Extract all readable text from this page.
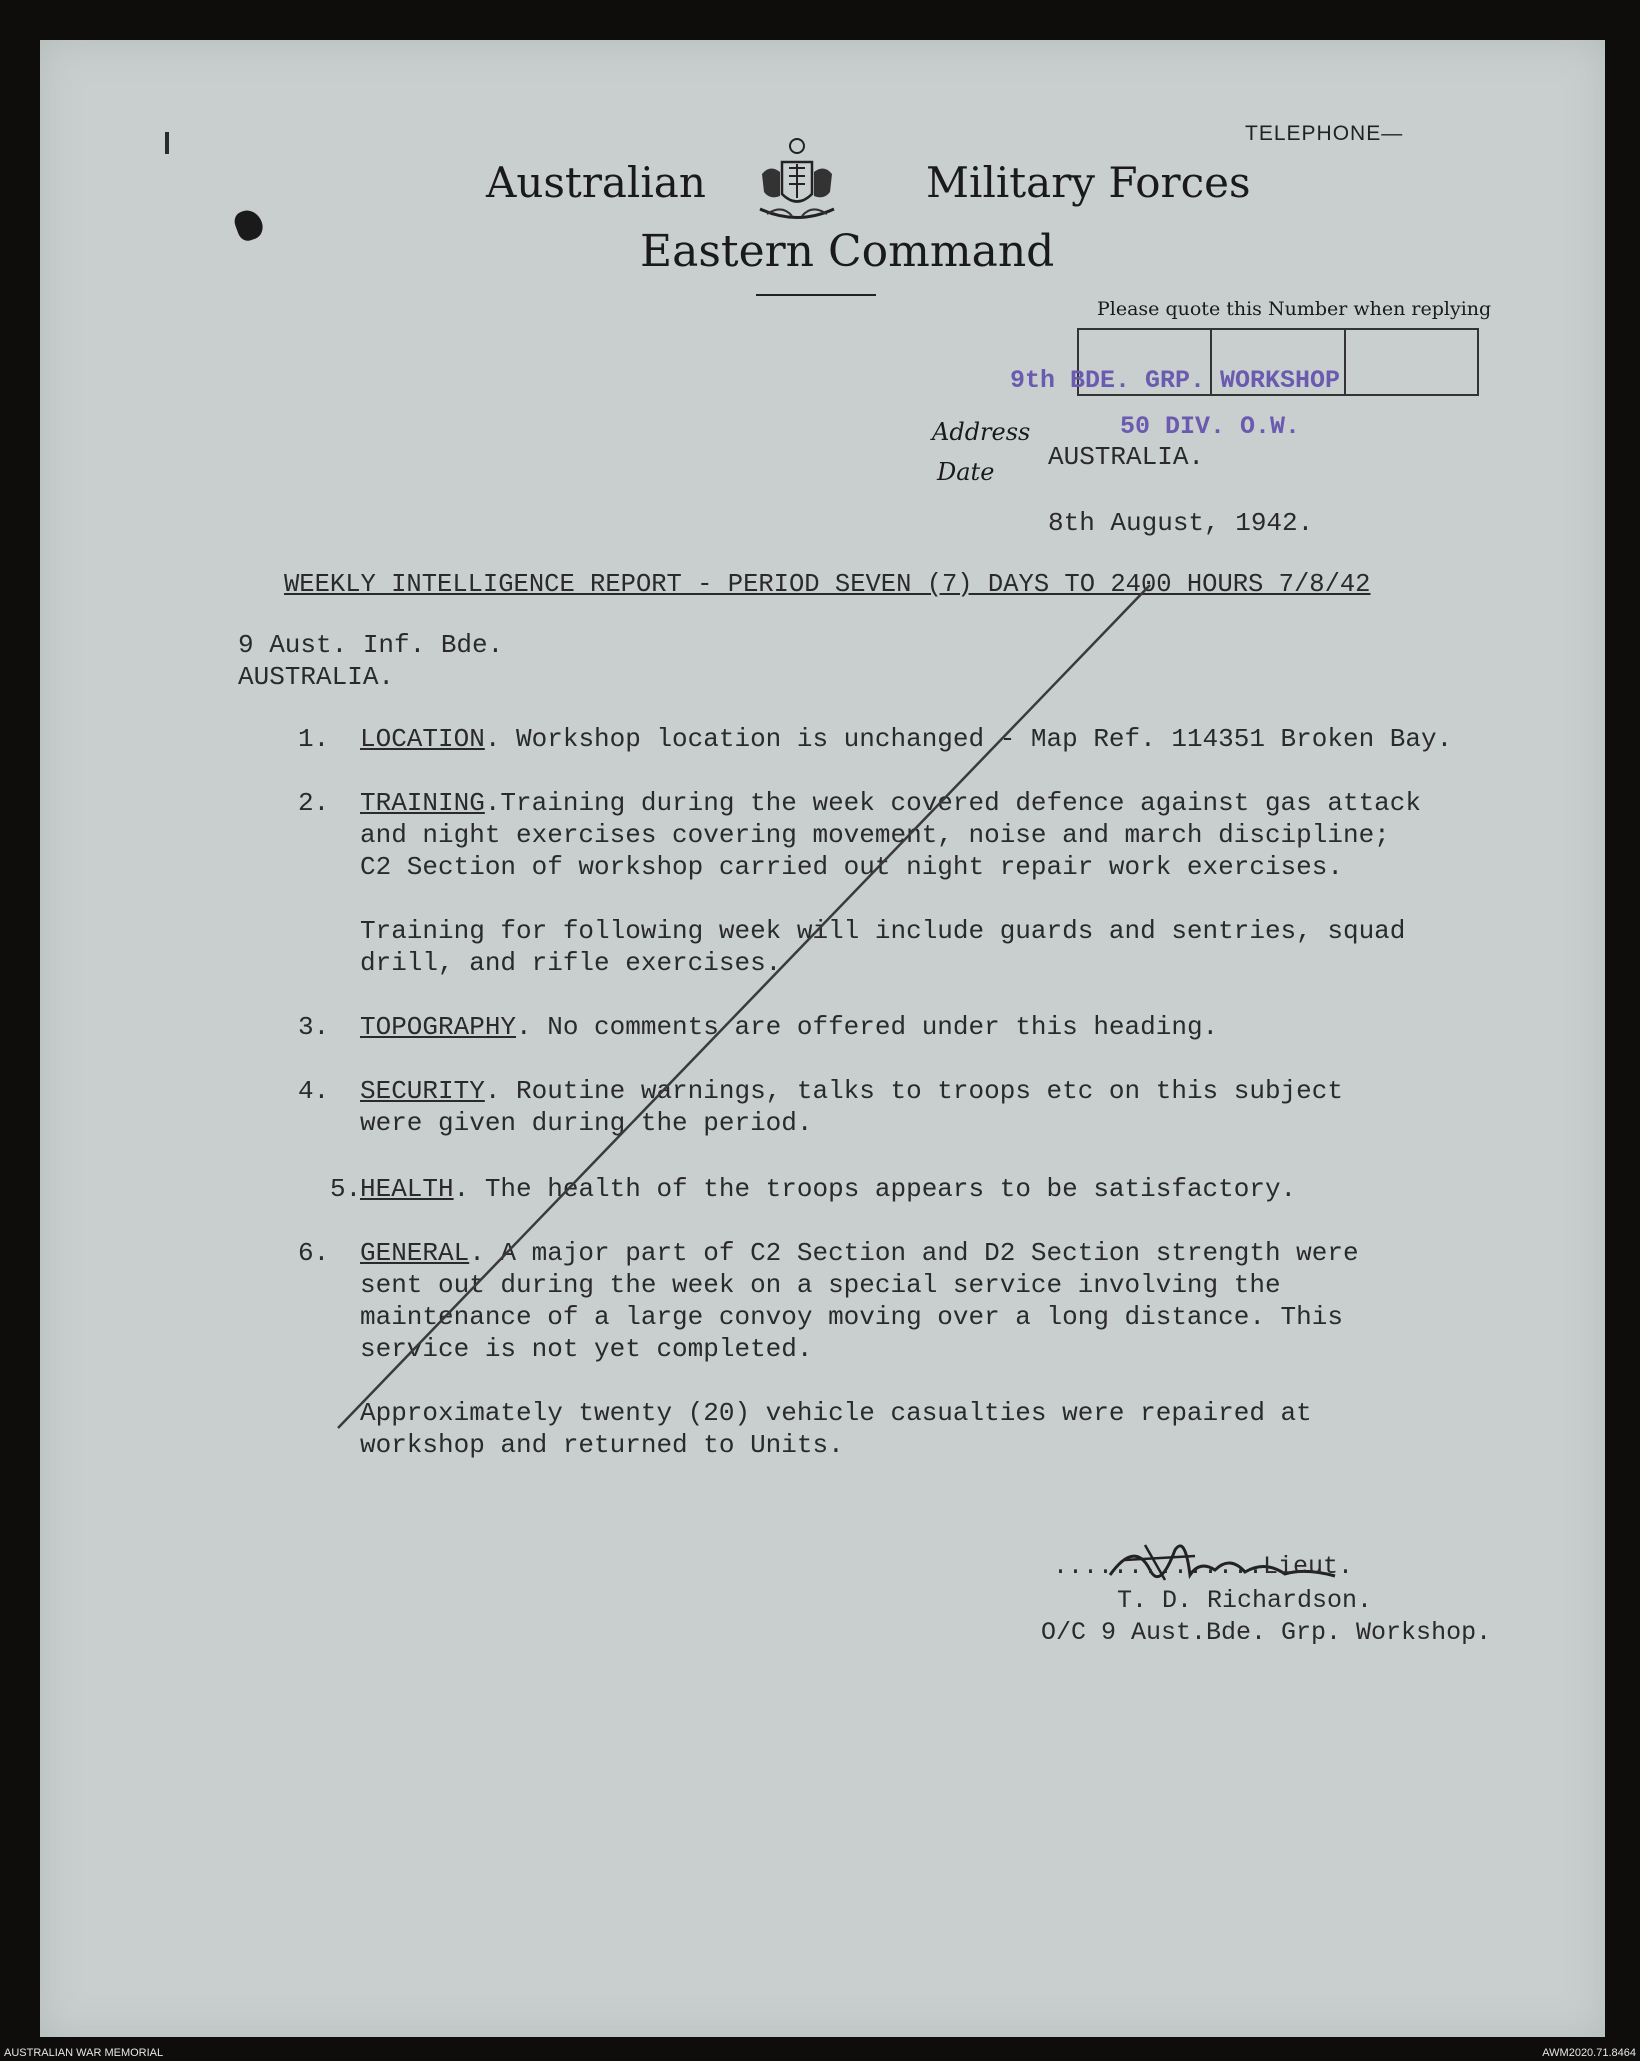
TELEPHONE—
Australian	Military Forces
Eastern Command
Please quote this Number when replying
9th BDE. GRP. WORKSHOP
50 DIV. O.W.
Address
AUSTRALIA.
Date
8th August, 1942.
WEEKLY INTELLIGENCE REPORT - PERIOD SEVEN (7) DAYS TO 2400 HOURS 7/8/42
9 Aust. Inf. Bde.
AUSTRALIA.
1. LOCATION. Workshop location is unchanged - Map Ref. 114351 Broken Bay.
2. TRAINING.Training during the week covered defence against gas attack
and night exercises covering movement, noise and march discipline;
C2 Section of workshop carried out night repair work exercises.
Training for following week will include guards and sentries, squad
drill, and rifle exercises.
3. TOPOGRAPHY. No comments are offered under this heading.
4. SECURITY. Routine warnings, talks to troops etc on this subject
were given during the period.
5.
HEALTH. The health of the troops appears to be satisfactory.
6. GENERAL. A major part of C2 Section and D2 Section strength were
sent out during the week on a special service involving the
maintenance of a large convoy moving over a long distance. This
service is not yet completed.
Approximately twenty (20) vehicle casualties were repaired at
workshop and returned to Units.
..............Lieut.
T. D. Richardson.
O/C 9 Aust.Bde. Grp. Workshop.
AUSTRALIAN WAR MEMORIAL	AWM2020.71.8464
